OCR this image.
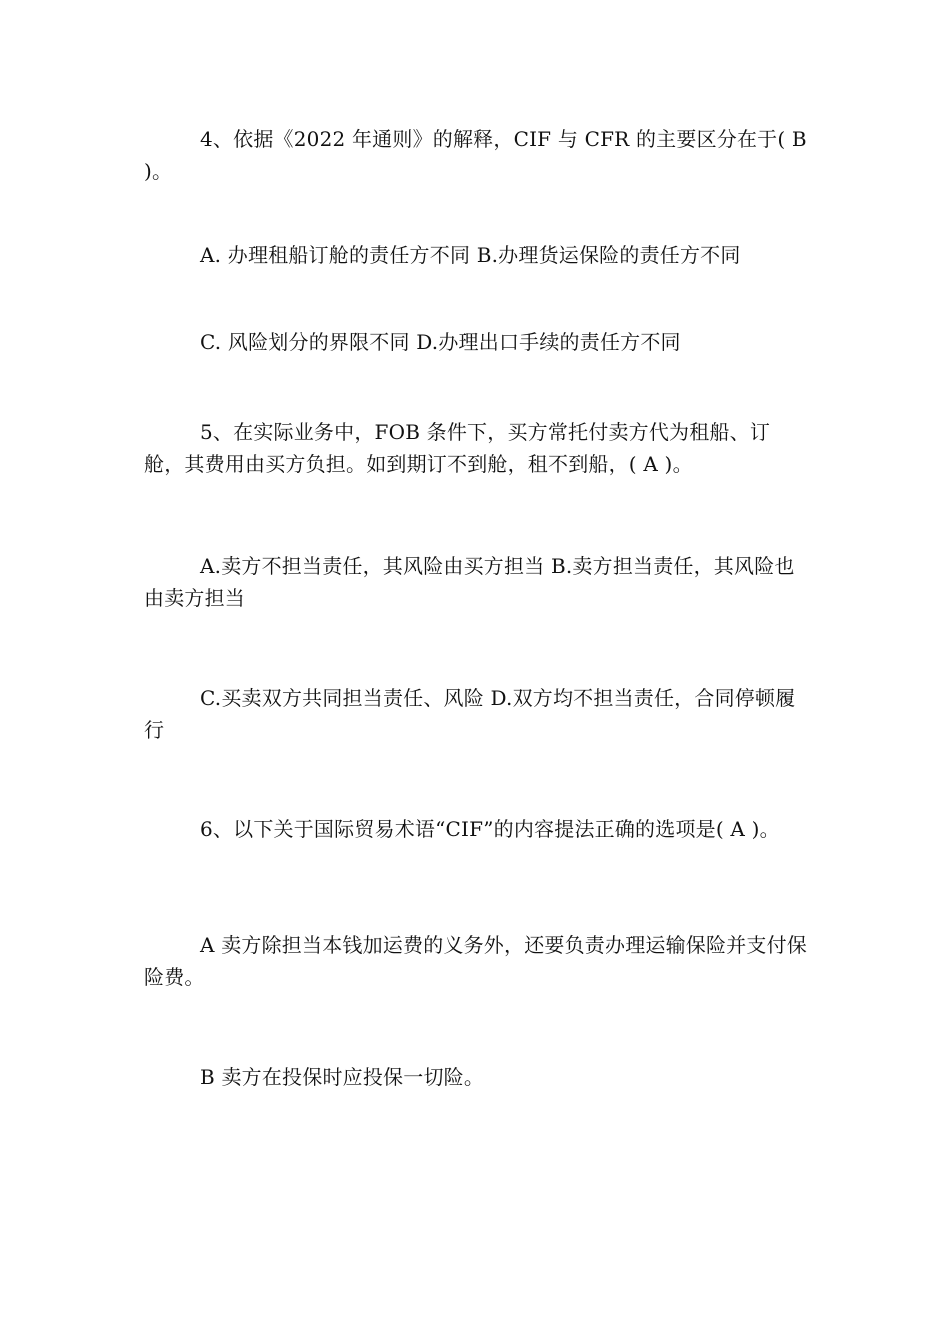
4、依据《2022 年通则》的解释，CIF 与 CFR 的主要区分在于( B )。

A. 办理租船订舱的责任方不同 B.办理货运保险的责任方不同

C. 风险划分的界限不同 D.办理出口手续的责任方不同

5、在实际业务中，FOB 条件下，买方常托付卖方代为租船、订舱，其费用由买方负担。如到期订不到舱，租不到船，( A )。

A.卖方不担当责任，其风险由买方担当 B.卖方担当责任，其风险也由卖方担当

C.买卖双方共同担当责任、风险 D.双方均不担当责任，合同停顿履行

6、以下关于国际贸易术语“CIF”的内容提法正确的选项是( A )。

A 卖方除担当本钱加运费的义务外，还要负责办理运输保险并支付保险费。

B 卖方在投保时应投保一切险。
